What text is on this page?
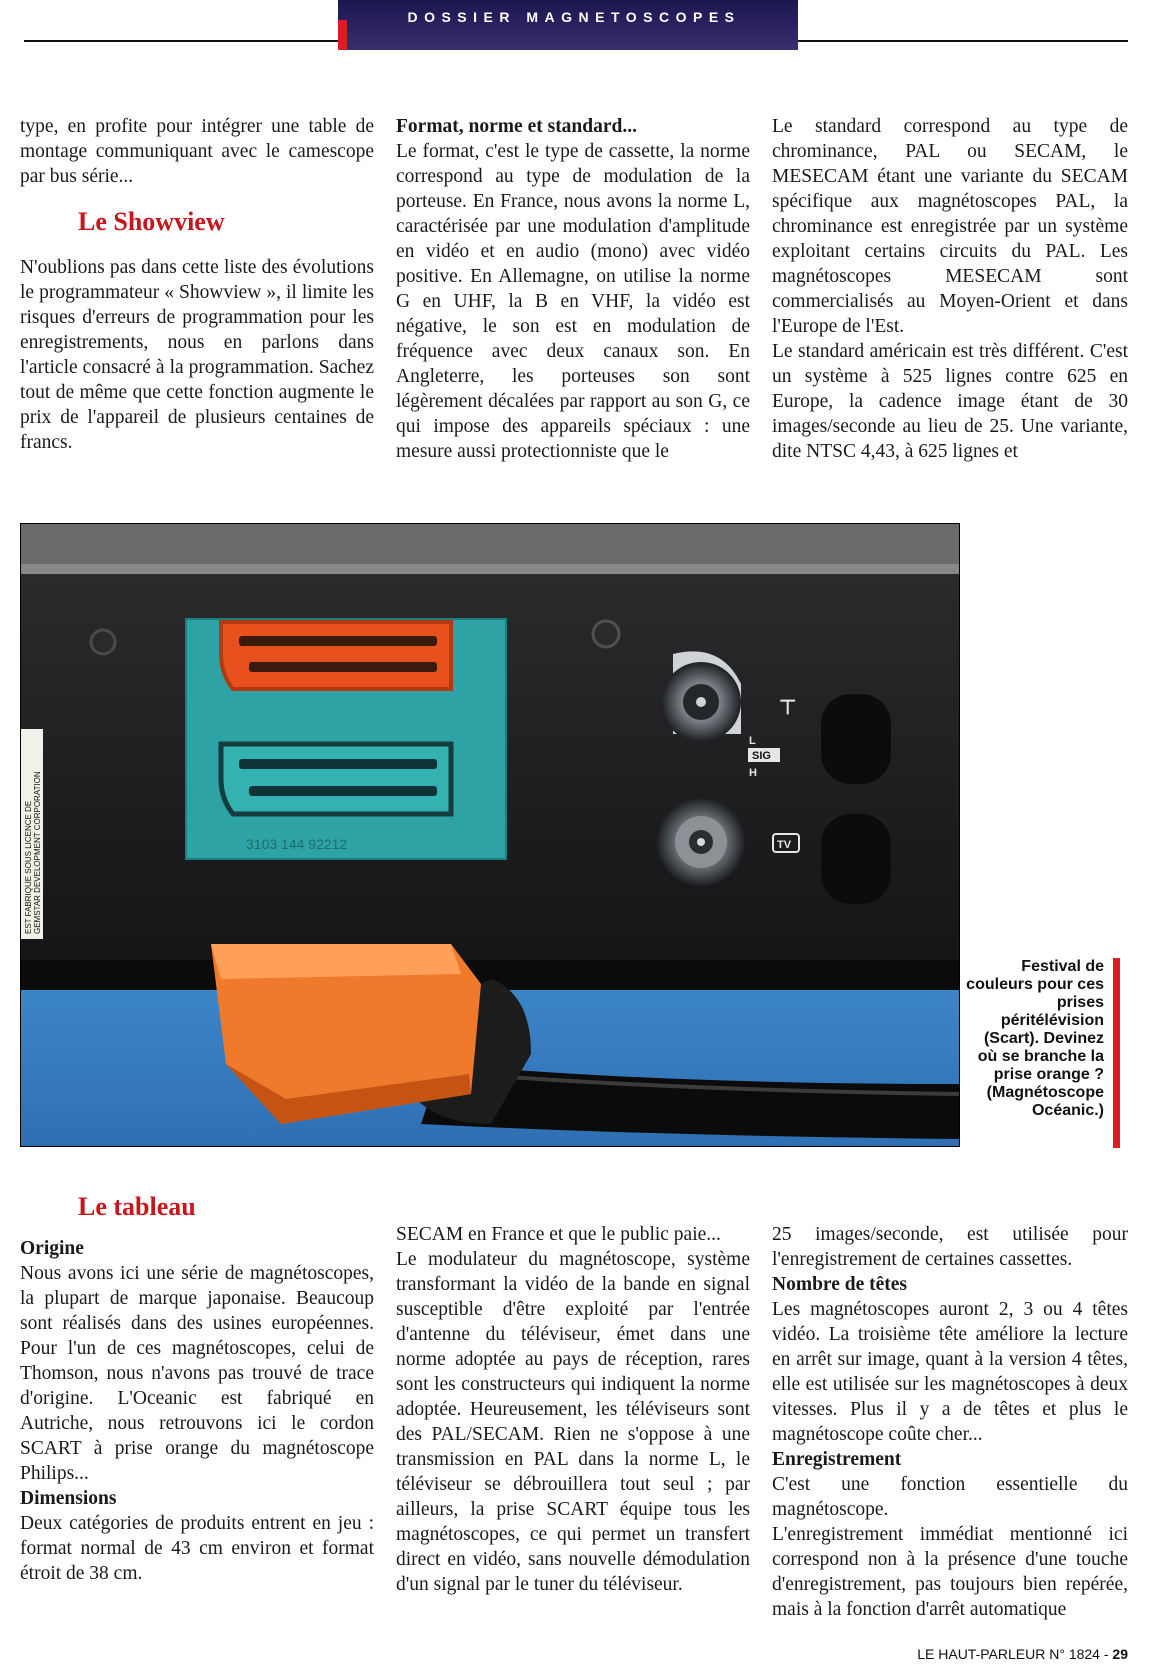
DOSSIER MAGNETOSCOPES

type, en profite pour intégrer une table de montage communiquant avec le camescope par bus série...

Le Showview

N'oublions pas dans cette liste des évolutions le programmateur « Showview », il limite les risques d'erreurs de programmation pour les enregistrements, nous en parlons dans l'article consacré à la programmation. Sachez tout de même que cette fonction augmente le prix de l'appareil de plusieurs centaines de francs.

Format, norme et standard...

Le format, c'est le type de cassette, la norme correspond au type de modulation de la porteuse. En France, nous avons la norme L, caractérisée par une modulation d'amplitude en vidéo et en audio (mono) avec vidéo positive. En Allemagne, on utilise la norme G en UHF, la B en VHF, la vidéo est négative, le son est en modulation de fréquence avec deux canaux son. En Angleterre, les porteuses son sont légèrement décalées par rapport au son G, ce qui impose des appareils spéciaux : une mesure aussi protectionniste que le

Le standard correspond au type de chrominance, PAL ou SECAM, le MESECAM étant une variante du SECAM spécifique aux magnétoscopes PAL, la chrominance est enregistrée par un système exploitant certains circuits du PAL. Les magnétoscopes MESECAM sont commercialisés au Moyen-Orient et dans l'Europe de l'Est.

Le standard américain est très différent. C'est un système à 525 lignes contre 625 en Europe, la cadence image étant de 30 images/seconde au lieu de 25. Une variante, dite NTSC 4,43, à 625 lignes et

EST FABRIQUE SOUS LICENCE DE GEMSTAR DEVELOPMENT CORPORATION	3103 144 92212
⊤
L
SIG
H
TV
Festival de couleurs pour ces prises péritélévision (Scart). Devinez où se branche la prise orange ? (Magnétoscope Océanic.)
Le tableau

Origine

Nous avons ici une série de magnétoscopes, la plupart de marque japonaise. Beaucoup sont réalisés dans des usines européennes. Pour l'un de ces magnétoscopes, celui de Thomson, nous n'avons pas trouvé de trace d'origine. L'Oceanic est fabriqué en Autriche, nous retrouvons ici le cordon SCART à prise orange du magnétoscope Philips...

Dimensions

Deux catégories de produits entrent en jeu : format normal de 43 cm environ et format étroit de 38 cm.

SECAM en France et que le public paie...

Le modulateur du magnétoscope, système transformant la vidéo de la bande en signal susceptible d'être exploité par l'entrée d'antenne du téléviseur, émet dans une norme adoptée au pays de réception, rares sont les constructeurs qui indiquent la norme adoptée. Heureusement, les téléviseurs sont des PAL/SECAM. Rien ne s'oppose à une transmission en PAL dans la norme L, le téléviseur se débrouillera tout seul ; par ailleurs, la prise SCART équipe tous les magnétoscopes, ce qui permet un transfert direct en vidéo, sans nouvelle démodulation d'un signal par le tuner du téléviseur.

25 images/seconde, est utilisée pour l'enregistrement de certaines cassettes.

Nombre de têtes

Les magnétoscopes auront 2, 3 ou 4 têtes vidéo. La troisième tête améliore la lecture en arrêt sur image, quant à la version 4 têtes, elle est utilisée sur les magnétoscopes à deux vitesses. Plus il y a de têtes et plus le magnétoscope coûte cher...

Enregistrement

C'est une fonction essentielle du magnétoscope.

L'enregistrement immédiat mentionné ici correspond non à la présence d'une touche d'enregistrement, pas toujours bien repérée, mais à la fonction d'arrêt automatique

LE HAUT-PARLEUR N° 1824 - 29
